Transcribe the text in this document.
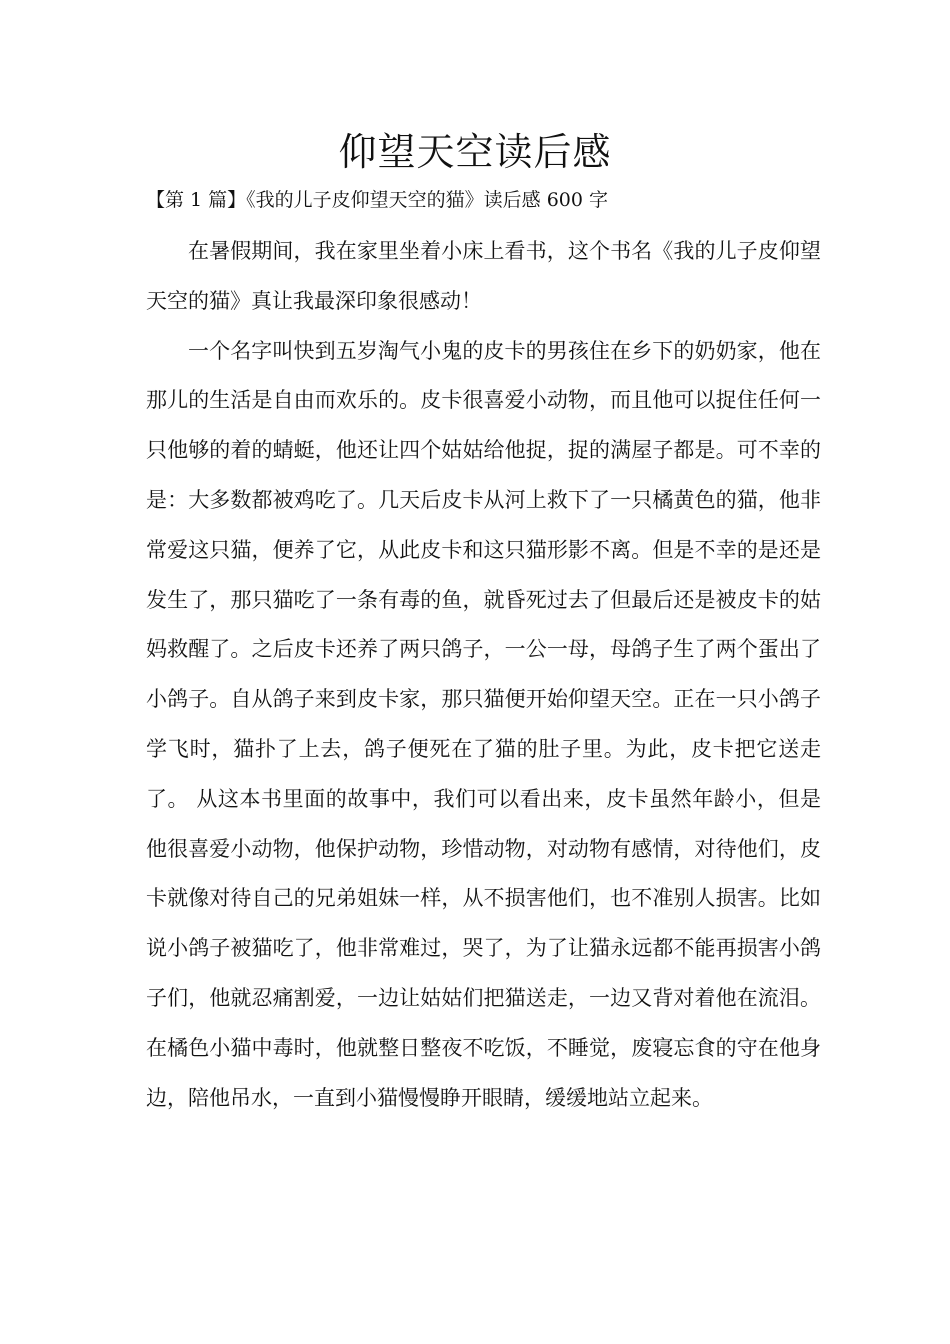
仰望天空读后感
【第 1 篇】《我的儿子皮仰望天空的猫》读后感 600 字

在暑假期间，我在家里坐着小床上看书，这个书名《我的儿子皮仰望天空的猫》真让我最深印象很感动！

一个名字叫快到五岁淘气小鬼的皮卡的男孩住在乡下的奶奶家，他在那儿的生活是自由而欢乐的。皮卡很喜爱小动物，而且他可以捉住任何一只他够的着的蜻蜓，他还让四个姑姑给他捉，捉的满屋子都是。可不幸的是：大多数都被鸡吃了。几天后皮卡从河上救下了一只橘黄色的猫，他非常爱这只猫，便养了它，从此皮卡和这只猫形影不离。但是不幸的是还是发生了，那只猫吃了一条有毒的鱼，就昏死过去了但最后还是被皮卡的姑妈救醒了。之后皮卡还养了两只鸽子，一公一母，母鸽子生了两个蛋出了小鸽子。自从鸽子来到皮卡家，那只猫便开始仰望天空。正在一只小鸽子学飞时，猫扑了上去，鸽子便死在了猫的肚子里。为此，皮卡把它送走了。 从这本书里面的故事中，我们可以看出来，皮卡虽然年龄小，但是他很喜爱小动物，他保护动物，珍惜动物，对动物有感情，对待他们，皮卡就像对待自己的兄弟姐妹一样，从不损害他们，也不准别人损害。比如说小鸽子被猫吃了，他非常难过，哭了，为了让猫永远都不能再损害小鸽子们，他就忍痛割爱，一边让姑姑们把猫送走，一边又背对着他在流泪。在橘色小猫中毒时，他就整日整夜不吃饭，不睡觉，废寝忘食的守在他身边，陪他吊水，一直到小猫慢慢睁开眼睛，缓缓地站立起来。
